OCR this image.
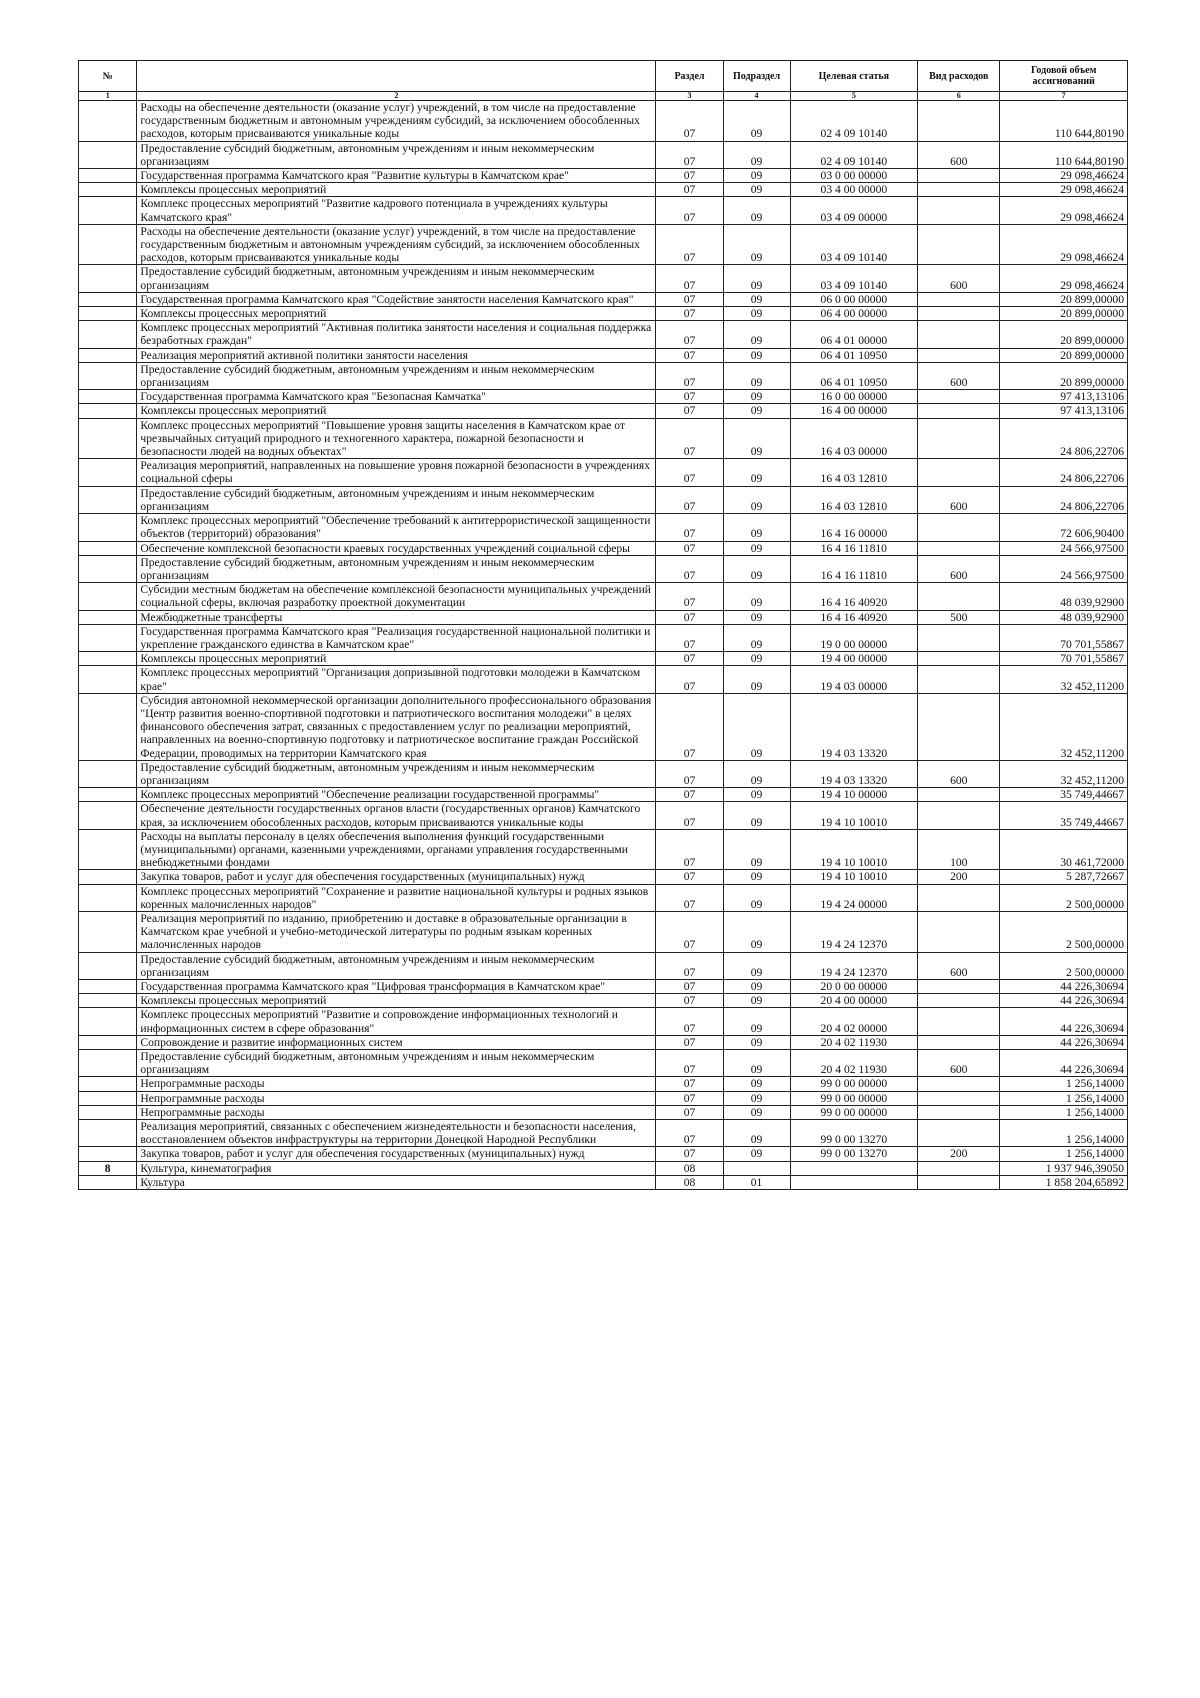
№		Раздел	Подраздел	Целевая статья	Вид расходов	Годовой объем ассигнований
1	2	3	4	5	6	7
	Расходы на обеспечение деятельности (оказание услуг) учреждений, в том числе на предоставление государственным бюджетным и автономным учреждениям субсидий, за исключением обособленных расходов, которым присваиваются уникальные коды	07	09	02 4 09 10140		110 644,80190
	Предоставление субсидий бюджетным, автономным учреждениям и иным некоммерческим организациям	07	09	02 4 09 10140	600	110 644,80190
	Государственная программа Камчатского края "Развитие культуры в Камчатском крае"	07	09	03 0 00 00000		29 098,46624
	Комплексы процессных мероприятий	07	09	03 4 00 00000		29 098,46624
	Комплекс процессных мероприятий "Развитие кадрового потенциала в учреждениях культуры Камчатского края"	07	09	03 4 09 00000		29 098,46624
	Расходы на обеспечение деятельности (оказание услуг) учреждений, в том числе на предоставление государственным бюджетным и автономным учреждениям субсидий, за исключением обособленных расходов, которым присваиваются уникальные коды	07	09	03 4 09 10140		29 098,46624
	Предоставление субсидий бюджетным, автономным учреждениям и иным некоммерческим организациям	07	09	03 4 09 10140	600	29 098,46624
	Государственная программа Камчатского края "Содействие занятости населения Камчатского края"	07	09	06 0 00 00000		20 899,00000
	Комплексы процессных мероприятий	07	09	06 4 00 00000		20 899,00000
	Комплекс процессных мероприятий "Активная политика занятости населения и социальная поддержка безработных граждан"	07	09	06 4 01 00000		20 899,00000
	Реализация мероприятий активной политики занятости населения	07	09	06 4 01 10950		20 899,00000
	Предоставление субсидий бюджетным, автономным учреждениям и иным некоммерческим организациям	07	09	06 4 01 10950	600	20 899,00000
	Государственная программа Камчатского края "Безопасная Камчатка"	07	09	16 0 00 00000		97 413,13106
	Комплексы процессных мероприятий	07	09	16 4 00 00000		97 413,13106
	Комплекс процессных мероприятий "Повышение уровня защиты населения в Камчатском крае от чрезвычайных ситуаций природного и техногенного характера, пожарной безопасности и безопасности людей на водных объектах"	07	09	16 4 03 00000		24 806,22706
	Реализация мероприятий, направленных на повышение уровня пожарной безопасности в учреждениях социальной сферы	07	09	16 4 03 12810		24 806,22706
	Предоставление субсидий бюджетным, автономным учреждениям и иным некоммерческим организациям	07	09	16 4 03 12810	600	24 806,22706
	Комплекс процессных мероприятий "Обеспечение требований к антитеррористической защищенности объектов (территорий) образования"	07	09	16 4 16 00000		72 606,90400
	Обеспечение комплексной безопасности краевых государственных учреждений социальной сферы	07	09	16 4 16 11810		24 566,97500
	Предоставление субсидий бюджетным, автономным учреждениям и иным некоммерческим организациям	07	09	16 4 16 11810	600	24 566,97500
	Субсидии местным бюджетам на обеспечение комплексной безопасности муниципальных учреждений социальной сферы, включая разработку проектной документации	07	09	16 4 16 40920		48 039,92900
	Межбюджетные трансферты	07	09	16 4 16 40920	500	48 039,92900
	Государственная программа Камчатского края "Реализация государственной национальной политики и укрепление гражданского единства в Камчатском крае"	07	09	19 0 00 00000		70 701,55867
	Комплексы процессных мероприятий	07	09	19 4 00 00000		70 701,55867
	Комплекс процессных мероприятий "Организация допризывной подготовки молодежи в Камчатском крае"	07	09	19 4 03 00000		32 452,11200
	Субсидия автономной некоммерческой организации дополнительного профессионального образования "Центр развития военно-спортивной подготовки и патриотического воспитания молодежи" в целях финансового обеспечения затрат, связанных с предоставлением услуг по реализации мероприятий, направленных на военно-спортивную подготовку и патриотическое воспитание граждан Российской Федерации, проводимых на территории Камчатского края	07	09	19 4 03 13320		32 452,11200
	Предоставление субсидий бюджетным, автономным учреждениям и иным некоммерческим организациям	07	09	19 4 03 13320	600	32 452,11200
	Комплекс процессных мероприятий "Обеспечение реализации государственной программы"	07	09	19 4 10 00000		35 749,44667
	Обеспечение деятельности государственных органов власти (государственных органов) Камчатского края, за исключением обособленных расходов, которым присваиваются уникальные коды	07	09	19 4 10 10010		35 749,44667
	Расходы на выплаты персоналу в целях обеспечения выполнения функций государственными (муниципальными) органами, казенными учреждениями, органами управления государственными внебюджетными фондами	07	09	19 4 10 10010	100	30 461,72000
	Закупка товаров, работ и услуг для обеспечения государственных (муниципальных) нужд	07	09	19 4 10 10010	200	5 287,72667
	Комплекс процессных мероприятий "Сохранение и развитие национальной культуры и родных языков коренных малочисленных народов"	07	09	19 4 24 00000		2 500,00000
	Реализация мероприятий по изданию, приобретению и доставке в образовательные организации в Камчатском крае учебной и учебно-методической литературы по родным языкам коренных малочисленных народов	07	09	19 4 24 12370		2 500,00000
	Предоставление субсидий бюджетным, автономным учреждениям и иным некоммерческим организациям	07	09	19 4 24 12370	600	2 500,00000
	Государственная программа Камчатского края "Цифровая трансформация в Камчатском крае"	07	09	20 0 00 00000		44 226,30694
	Комплексы процессных мероприятий	07	09	20 4 00 00000		44 226,30694
	Комплекс процессных мероприятий "Развитие и сопровождение информационных технологий и информационных систем в сфере образования"	07	09	20 4 02 00000		44 226,30694
	Сопровождение и развитие информационных систем	07	09	20 4 02 11930		44 226,30694
	Предоставление субсидий бюджетным, автономным учреждениям и иным некоммерческим организациям	07	09	20 4 02 11930	600	44 226,30694
	Непрограммные расходы	07	09	99 0 00 00000		1 256,14000
	Непрограммные расходы	07	09	99 0 00 00000		1 256,14000
	Непрограммные расходы	07	09	99 0 00 00000		1 256,14000
	Реализация мероприятий, связанных с обеспечением жизнедеятельности и безопасности населения, восстановлением объектов инфраструктуры на территории Донецкой Народной Республики	07	09	99 0 00 13270		1 256,14000
	Закупка товаров, работ и услуг для обеспечения государственных (муниципальных) нужд	07	09	99 0 00 13270	200	1 256,14000
8	Культура, кинематография	08				1 937 946,39050
	Культура	08	01			1 858 204,65892
